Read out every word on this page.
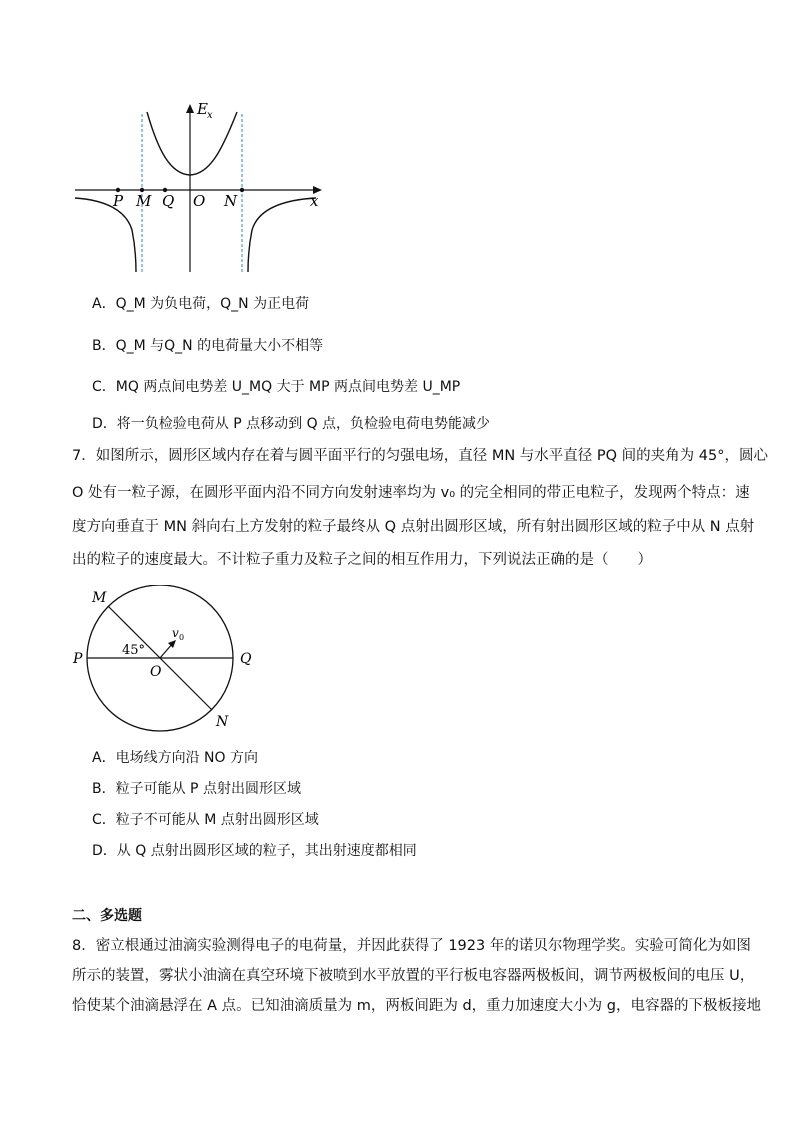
P M Q O N	x
E x
A．Q_M 为负电荷，Q_N 为正电荷
B．Q_M 与Q_N 的电荷量大小不相等
C．MQ 两点间电势差 U_MQ 大于 MP 两点间电势差 U_MP
D．将一负检验电荷从 P 点移动到 Q 点，负检验电荷电势能减少
7．如图所示，圆形区域内存在着与圆平面平行的匀强电场，直径 MN 与水平直径 PQ 间的夹角为 45°，圆心
O 处有一粒子源，在圆形平面内沿不同方向发射速率均为 v₀ 的完全相同的带正电粒子，发现两个特点：速
度方向垂直于 MN 斜向右上方发射的粒子最终从 Q 点射出圆形区域，所有射出圆形区域的粒子中从 N 点射
出的粒子的速度最大。不计粒子重力及粒子之间的相互作用力，下列说法正确的是（　　）
M
P	Q
N
O
45°
v 0
A．电场线方向沿 NO 方向
B．粒子可能从 P 点射出圆形区域
C．粒子不可能从 M 点射出圆形区域
D．从 Q 点射出圆形区域的粒子，其出射速度都相同
二、多选题
8．密立根通过油滴实验测得电子的电荷量，并因此获得了 1923 年的诺贝尔物理学奖。实验可简化为如图
所示的装置，雾状小油滴在真空环境下被喷到水平放置的平行板电容器两极板间，调节两极板间的电压 U，
恰使某个油滴悬浮在 A 点。已知油滴质量为 m，两板间距为 d，重力加速度大小为 g，电容器的下极板接地
